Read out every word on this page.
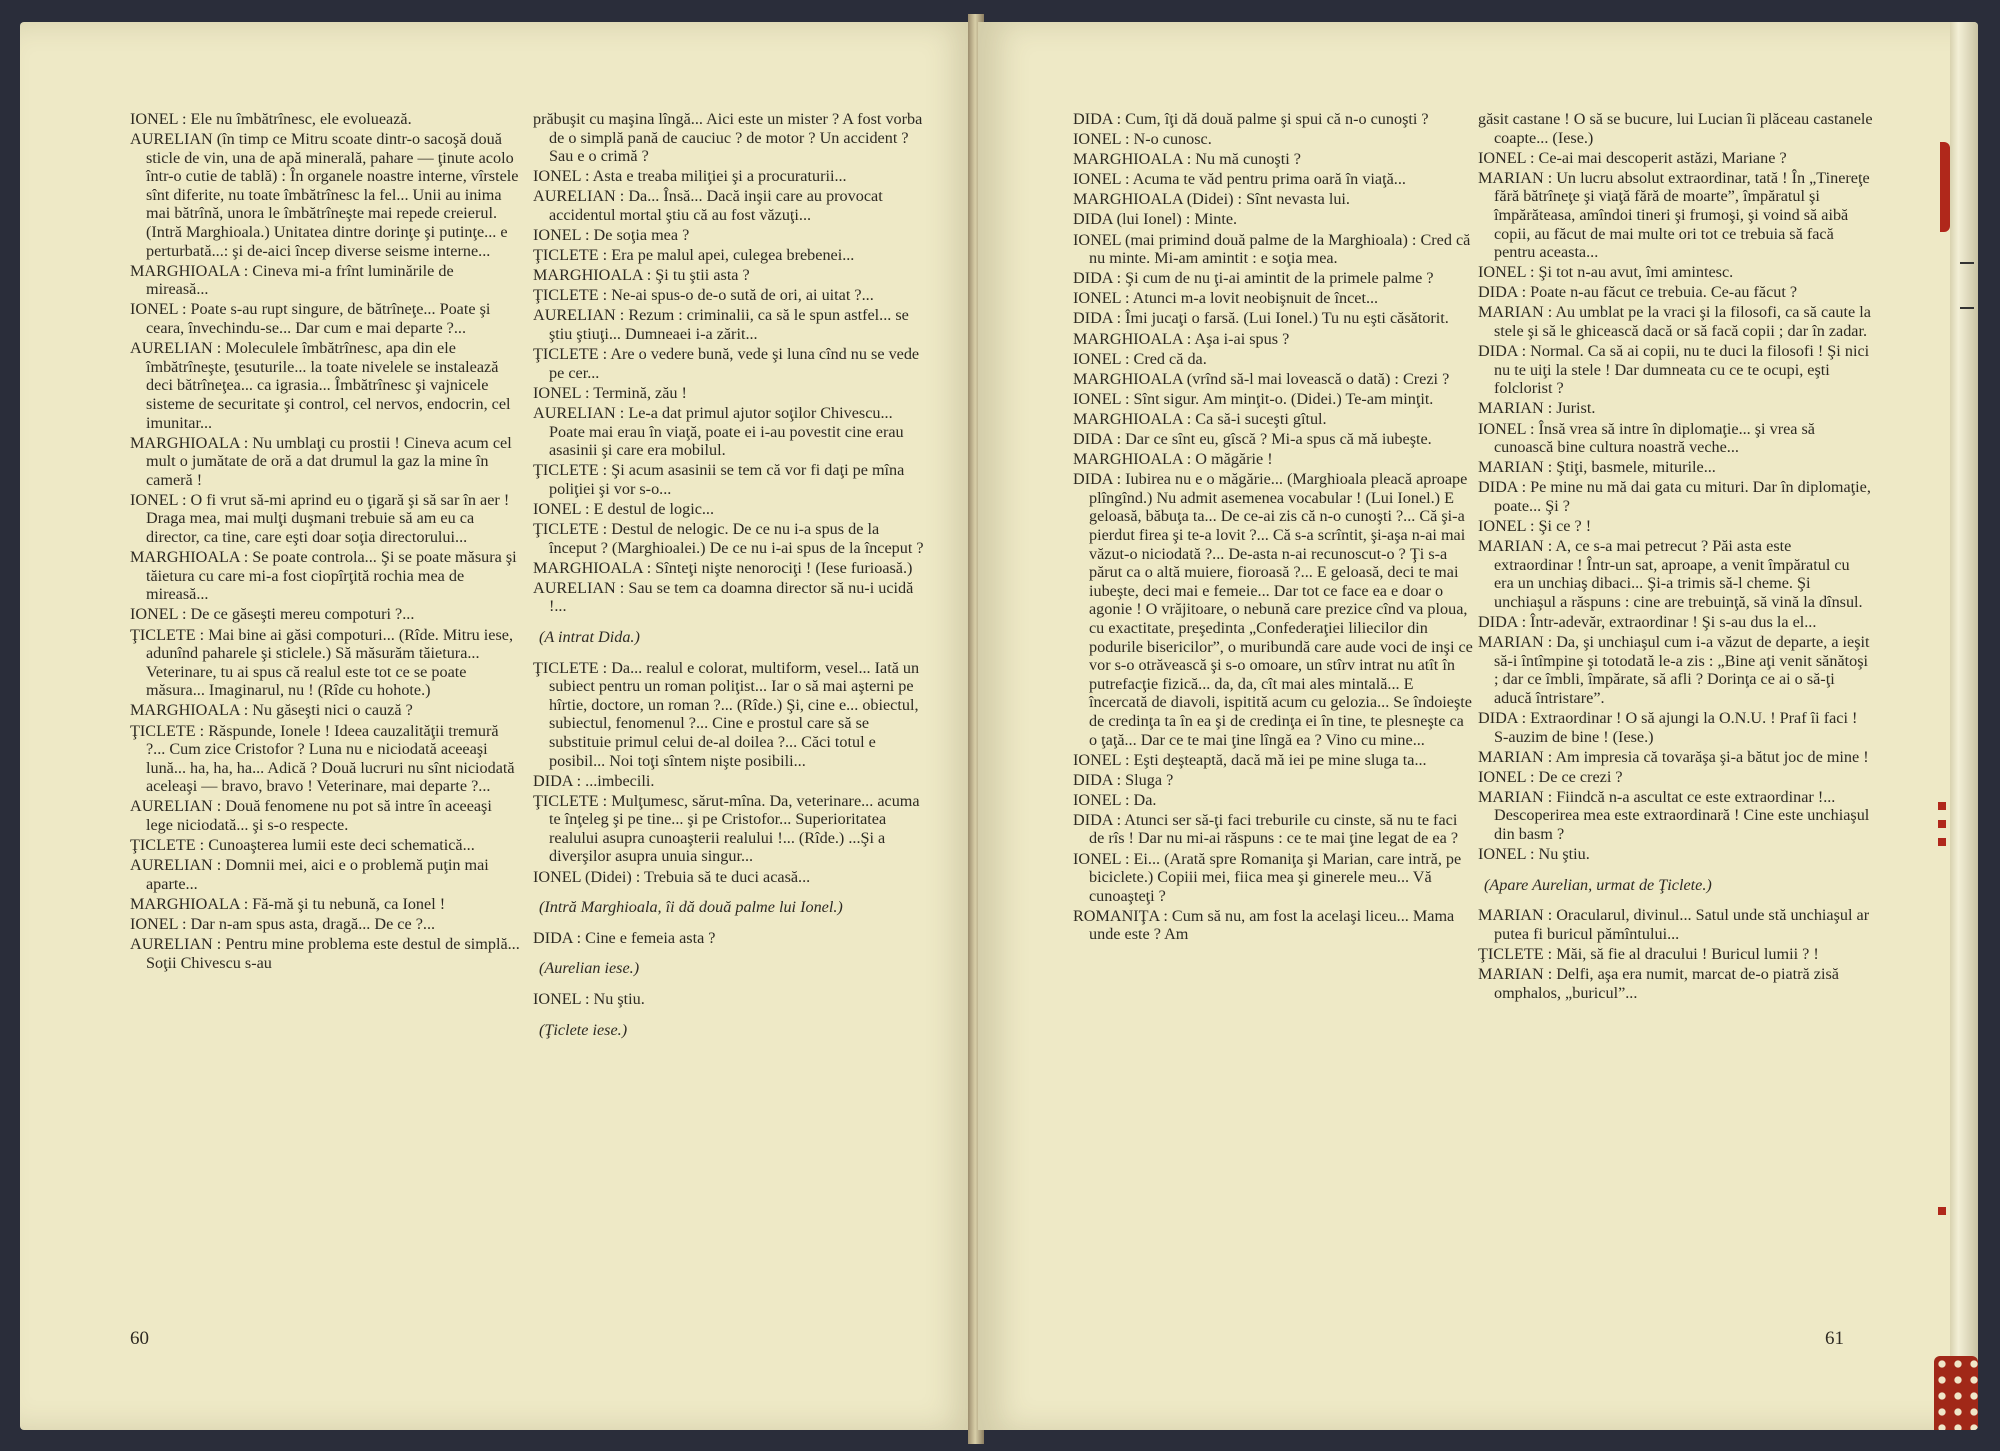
IONEL : Ele nu îmbătrînesc, ele evoluează.

AURELIAN (în timp ce Mitru scoate dintr-o sacoşă două sticle de vin, una de apă minerală, pahare — ţinute acolo într-o cutie de tablă) : În organele noastre interne, vîrstele sînt diferite, nu toate îmbătrînesc la fel... Unii au inima mai bătrînă, unora le îmbătrîneşte mai repede creierul. (Intră Marghioala.) Unitatea dintre dorinţe şi putinţe... e perturbată...: şi de-aici încep diverse seisme interne...

MARGHIOALA : Cineva mi-a frînt luminările de mireasă...

IONEL : Poate s-au rupt singure, de bătrîneţe... Poate şi ceara, învechindu-se... Dar cum e mai departe ?...

AURELIAN : Moleculele îmbătrînesc, apa din ele îmbătrîneşte, ţesuturile... la toate nivelele se instalează deci bătrîneţea... ca igrasia... Îmbătrînesc şi vajnicele sisteme de securitate şi control, cel nervos, endocrin, cel imunitar...

MARGHIOALA : Nu umblaţi cu prostii ! Cineva acum cel mult o jumătate de oră a dat drumul la gaz la mine în cameră !

IONEL : O fi vrut să-mi aprind eu o ţigară şi să sar în aer ! Draga mea, mai mulţi duşmani trebuie să am eu ca director, ca tine, care eşti doar soţia directorului...

MARGHIOALA : Se poate controla... Şi se poate măsura şi tăietura cu care mi-a fost ciopîrţită rochia mea de mireasă...

IONEL : De ce găseşti mereu compoturi ?...

ŢICLETE : Mai bine ai găsi compoturi... (Rîde. Mitru iese, adunînd paharele şi sticlele.) Să măsurăm tăietura... Veterinare, tu ai spus că realul este tot ce se poate măsura... Imaginarul, nu ! (Rîde cu hohote.)

MARGHIOALA : Nu găseşti nici o cauză ?

ŢICLETE : Răspunde, Ionele ! Ideea cauzalităţii tremură ?... Cum zice Cristofor ? Luna nu e niciodată aceeaşi lună... ha, ha, ha... Adică ? Două lucruri nu sînt niciodată aceleaşi — bravo, bravo ! Veterinare, mai departe ?...

AURELIAN : Două fenomene nu pot să intre în aceeaşi lege niciodată... şi s-o respecte.

ŢICLETE : Cunoaşterea lumii este deci schematică...

AURELIAN : Domnii mei, aici e o problemă puţin mai aparte...

MARGHIOALA : Fă-mă şi tu nebună, ca Ionel !

IONEL : Dar n-am spus asta, dragă... De ce ?...

AURELIAN : Pentru mine problema este destul de simplă... Soţii Chivescu s-au

prăbuşit cu maşina lîngă... Aici este un mister ? A fost vorba de o simplă pană de cauciuc ? de motor ? Un accident ? Sau e o crimă ?

IONEL : Asta e treaba miliţiei şi a procuraturii...

AURELIAN : Da... Însă... Dacă inşii care au provocat accidentul mortal ştiu că au fost văzuţi...

IONEL : De soţia mea ?

ŢICLETE : Era pe malul apei, culegea brebenei...

MARGHIOALA : Şi tu ştii asta ?

ŢICLETE : Ne-ai spus-o de-o sută de ori, ai uitat ?...

AURELIAN : Rezum : criminalii, ca să le spun astfel... se ştiu ştiuţi... Dumneaei i-a zărit...

ŢICLETE : Are o vedere bună, vede şi luna cînd nu se vede pe cer...

IONEL : Termină, zău !

AURELIAN : Le-a dat primul ajutor soţilor Chivescu... Poate mai erau în viaţă, poate ei i-au povestit cine erau asasinii şi care era mobilul.

ŢICLETE : Şi acum asasinii se tem că vor fi daţi pe mîna poliţiei şi vor s-o...

IONEL : E destul de logic...

ŢICLETE : Destul de nelogic. De ce nu i-a spus de la început ? (Marghioalei.) De ce nu i-ai spus de la început ?

MARGHIOALA : Sînteţi nişte nenorociţi ! (Iese furioasă.)

AURELIAN : Sau se tem ca doamna director să nu-i ucidă !...

(A intrat Dida.)

ŢICLETE : Da... realul e colorat, multiform, vesel... Iată un subiect pentru un roman poliţist... Iar o să mai aşterni pe hîrtie, doctore, un roman ?... (Rîde.) Şi, cine e... obiectul, subiectul, fenomenul ?... Cine e prostul care să se substituie primul celui de-al doilea ?... Căci totul e posibil... Noi toţi sîntem nişte posibili...

DIDA : ...imbecili.

ŢICLETE : Mulţumesc, sărut-mîna. Da, veterinare... acuma te înţeleg şi pe tine... şi pe Cristofor... Superioritatea realului asupra cunoaşterii realului !... (Rîde.) ...Şi a diverşilor asupra unuia singur...

IONEL (Didei) : Trebuia să te duci acasă...

(Intră Marghioala, îi dă două palme lui Ionel.)

DIDA : Cine e femeia asta ?

(Aurelian iese.)

IONEL : Nu ştiu.

(Ţiclete iese.)

60

DIDA : Cum, îţi dă două palme şi spui că n-o cunoşti ?

IONEL : N-o cunosc.

MARGHIOALA : Nu mă cunoşti ?

IONEL : Acuma te văd pentru prima oară în viaţă...

MARGHIOALA (Didei) : Sînt nevasta lui.

DIDA (lui Ionel) : Minte.

IONEL (mai primind două palme de la Marghioala) : Cred că nu minte. Mi-am amintit : e soţia mea.

DIDA : Şi cum de nu ţi-ai amintit de la primele palme ?

IONEL : Atunci m-a lovit neobişnuit de încet...

DIDA : Îmi jucaţi o farsă. (Lui Ionel.) Tu nu eşti căsătorit.

MARGHIOALA : Aşa i-ai spus ?

IONEL : Cred că da.

MARGHIOALA (vrînd să-l mai lovească o dată) : Crezi ?

IONEL : Sînt sigur. Am minţit-o. (Didei.) Te-am minţit.

MARGHIOALA : Ca să-i suceşti gîtul.

DIDA : Dar ce sînt eu, gîscă ? Mi-a spus că mă iubeşte.

MARGHIOALA : O măgărie !

DIDA : Iubirea nu e o măgărie... (Marghioala pleacă aproape plîngînd.) Nu admit asemenea vocabular ! (Lui Ionel.) E geloasă, băbuţa ta... De ce-ai zis că n-o cunoşti ?... Că şi-a pierdut firea şi te-a lovit ?... Că s-a scrîntit, şi-aşa n-ai mai văzut-o niciodată ?... De-asta n-ai recunoscut-o ? Ţi s-a părut ca o altă muiere, fioroasă ?... E geloasă, deci te mai iubeşte, deci mai e femeie... Dar tot ce face ea e doar o agonie ! O vrăjitoare, o nebună care prezice cînd va ploua, cu exactitate, preşedinta „Confederaţiei liliecilor din podurile bisericilor”, o muribundă care aude voci de inşi ce vor s-o otrăvească şi s-o omoare, un stîrv intrat nu atît în putrefacţie fizică... da, da, cît mai ales mintală... E încercată de diavoli, ispitită acum cu gelozia... Se îndoieşte de credinţa ta în ea şi de credinţa ei în tine, te plesneşte ca o ţaţă... Dar ce te mai ţine lîngă ea ? Vino cu mine...

IONEL : Eşti deşteaptă, dacă mă iei pe mine sluga ta...

DIDA : Sluga ?

IONEL : Da.

DIDA : Atunci ser să-ţi faci treburile cu cinste, să nu te faci de rîs ! Dar nu mi-ai răspuns : ce te mai ţine legat de ea ?

IONEL : Ei... (Arată spre Romaniţa şi Marian, care intră, pe biciclete.) Copiii mei, fiica mea şi ginerele meu... Vă cunoaşteţi ?

ROMANIŢA : Cum să nu, am fost la acelaşi liceu... Mama unde este ? Am

găsit castane ! O să se bucure, lui Lucian îi plăceau castanele coapte... (Iese.)

IONEL : Ce-ai mai descoperit astăzi, Mariane ?

MARIAN : Un lucru absolut extraordinar, tată ! În „Tinereţe fără bătrîneţe şi viaţă fără de moarte”, împăratul şi împărăteasa, amîndoi tineri şi frumoşi, şi voind să aibă copii, au făcut de mai multe ori tot ce trebuia să facă pentru aceasta...

IONEL : Şi tot n-au avut, îmi amintesc.

DIDA : Poate n-au făcut ce trebuia. Ce-au făcut ?

MARIAN : Au umblat pe la vraci şi la filosofi, ca să caute la stele şi să le ghicească dacă or să facă copii ; dar în zadar.

DIDA : Normal. Ca să ai copii, nu te duci la filosofi ! Şi nici nu te uiţi la stele ! Dar dumneata cu ce te ocupi, eşti folclorist ?

MARIAN : Jurist.

IONEL : Însă vrea să intre în diplomaţie... şi vrea să cunoască bine cultura noastră veche...

MARIAN : Ştiţi, basmele, miturile...

DIDA : Pe mine nu mă dai gata cu mituri. Dar în diplomaţie, poate... Şi ?

IONEL : Şi ce ? !

MARIAN : A, ce s-a mai petrecut ? Păi asta este extraordinar ! Într-un sat, aproape, a venit împăratul cu era un unchiaş dibaci... Şi-a trimis să-l cheme. Şi unchiaşul a răspuns : cine are trebuinţă, să vină la dînsul.

DIDA : Într-adevăr, extraordinar ! Şi s-au dus la el...

MARIAN : Da, şi unchiaşul cum i-a văzut de departe, a ieşit să-i întîmpine şi totodată le-a zis : „Bine aţi venit sănătoşi ; dar ce îmbli, împărate, să afli ? Dorinţa ce ai o să-ţi aducă întristare”.

DIDA : Extraordinar ! O să ajungi la O.N.U. ! Praf îi faci ! S-auzim de bine ! (Iese.)

MARIAN : Am impresia că tovarăşa şi-a bătut joc de mine !

IONEL : De ce crezi ?

MARIAN : Fiindcă n-a ascultat ce este extraordinar !... Descoperirea mea este extraordinară ! Cine este unchiaşul din basm ?

IONEL : Nu ştiu.

(Apare Aurelian, urmat de Ţiclete.)

MARIAN : Oracularul, divinul... Satul unde stă unchiaşul ar putea fi buricul pămîntului...

ŢICLETE : Măi, să fie al dracului ! Buricul lumii ? !

MARIAN : Delfi, aşa era numit, marcat de-o piatră zisă omphalos, „buricul”...

61
